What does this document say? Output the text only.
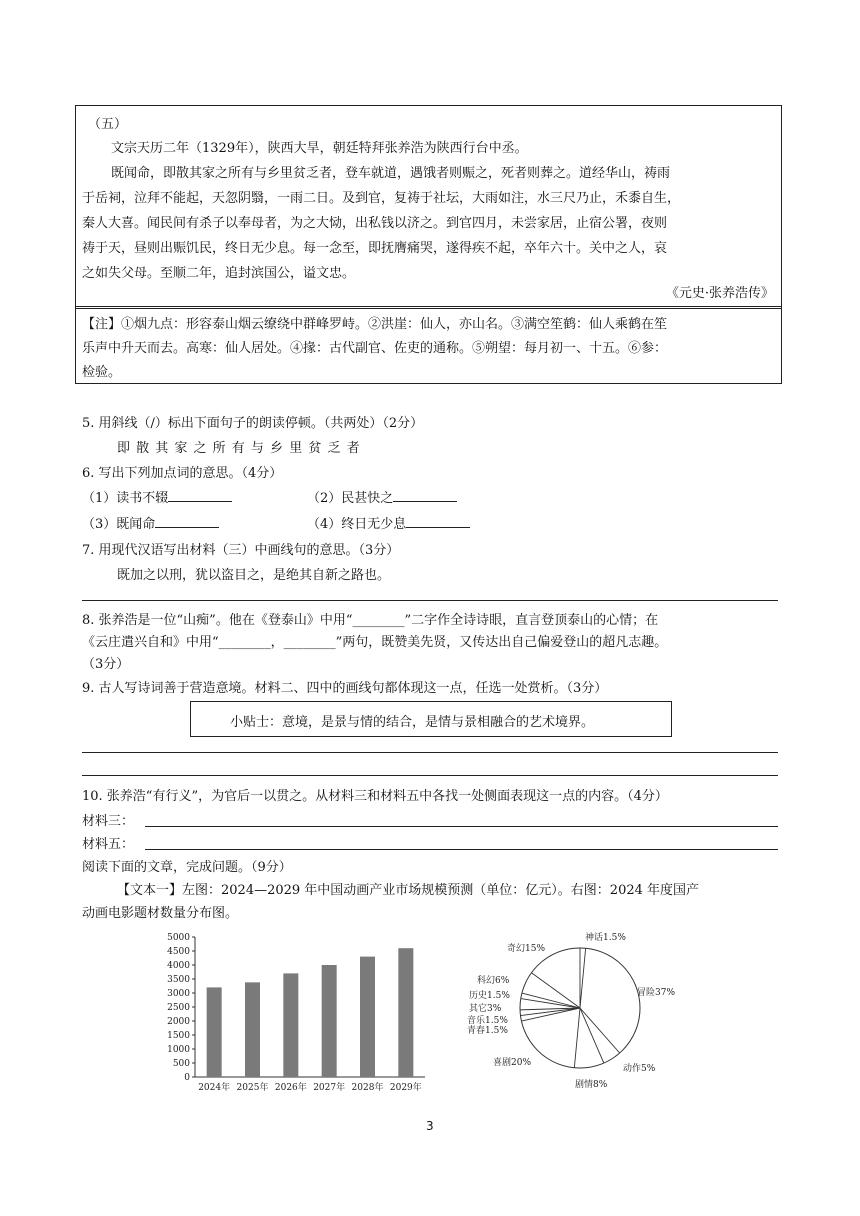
（五）
文宗天历二年（1329年），陕西大旱，朝廷特拜张养浩为陕西行台中丞。
既闻命，即散其家之所有与乡里贫乏者，登车就道，遇饿者则赈之，死者则葬之。道经华山，祷雨
于岳祠，泣拜不能起，天忽阴翳，一雨二日。及到官，复祷于社坛，大雨如注，水三尺乃止，禾黍自生，
秦人大喜。闻民间有杀子以奉母者，为之大恸，出私钱以济之。到官四月，未尝家居，止宿公署，夜则
祷于天，昼则出赈饥民，终日无少息。每一念至，即抚膺痛哭，遂得疾不起，卒年六十。关中之人，哀
之如失父母。至顺二年，追封滨国公，谥文忠。
《元史·张养浩传》
【注】①烟九点：形容泰山烟云缭绕中群峰罗峙。②洪崖：仙人，亦山名。③满空笙鹤：仙人乘鹤在笙
乐声中升天而去。高寒：仙人居处。④掾：古代副官、佐吏的通称。⑤朔望：每月初一、十五。⑥参：
检验。
5. 用斜线（/）标出下面句子的朗读停顿。（共两处）（2分）
即 散 其 家 之 所 有 与 乡 里 贫 乏 者
6. 写出下列加点词的意思。（4分）
（1）读书不辍	（2）民甚快之
（3）既闻命	（4）终日无少息
7. 用现代汉语写出材料（三）中画线句的意思。（3分）
既加之以刑，犹以盗目之，是绝其自新之路也。
8. 张养浩是一位“山痴”。他在《登泰山》中用“________”二字作全诗诗眼，直言登顶泰山的心情；在
《云庄遣兴自和》中用“________，________”两句，既赞美先贤，又传达出自己偏爱登山的超凡志趣。
（3分）
9. 古人写诗词善于营造意境。材料二、四中的画线句都体现这一点，任选一处赏析。（3分）
小贴士：意境，是景与情的结合，是情与景相融合的艺术境界。
10. 张养浩“有行义”，为官后一以贯之。从材料三和材料五中各找一处侧面表现这一点的内容。（4分）
材料三：
材料五：
阅读下面的文章，完成问题。（9分）
【文本一】左图：2024—2029 年中国动画产业市场规模预测（单位：亿元）。右图：2024 年度国产
动画电影题材数量分布图。
0
500
1000
1500
2000
2500
3000
3500
4000
4500
5000
2024年 2025年 2026年 2027年 2028年 2029年
神话1.5%
冒险37%
动作5%
剧情8%
喜剧20%
青春1.5%
音乐1.5%
其它3%
历史1.5%
科幻6%
奇幻15%
3
